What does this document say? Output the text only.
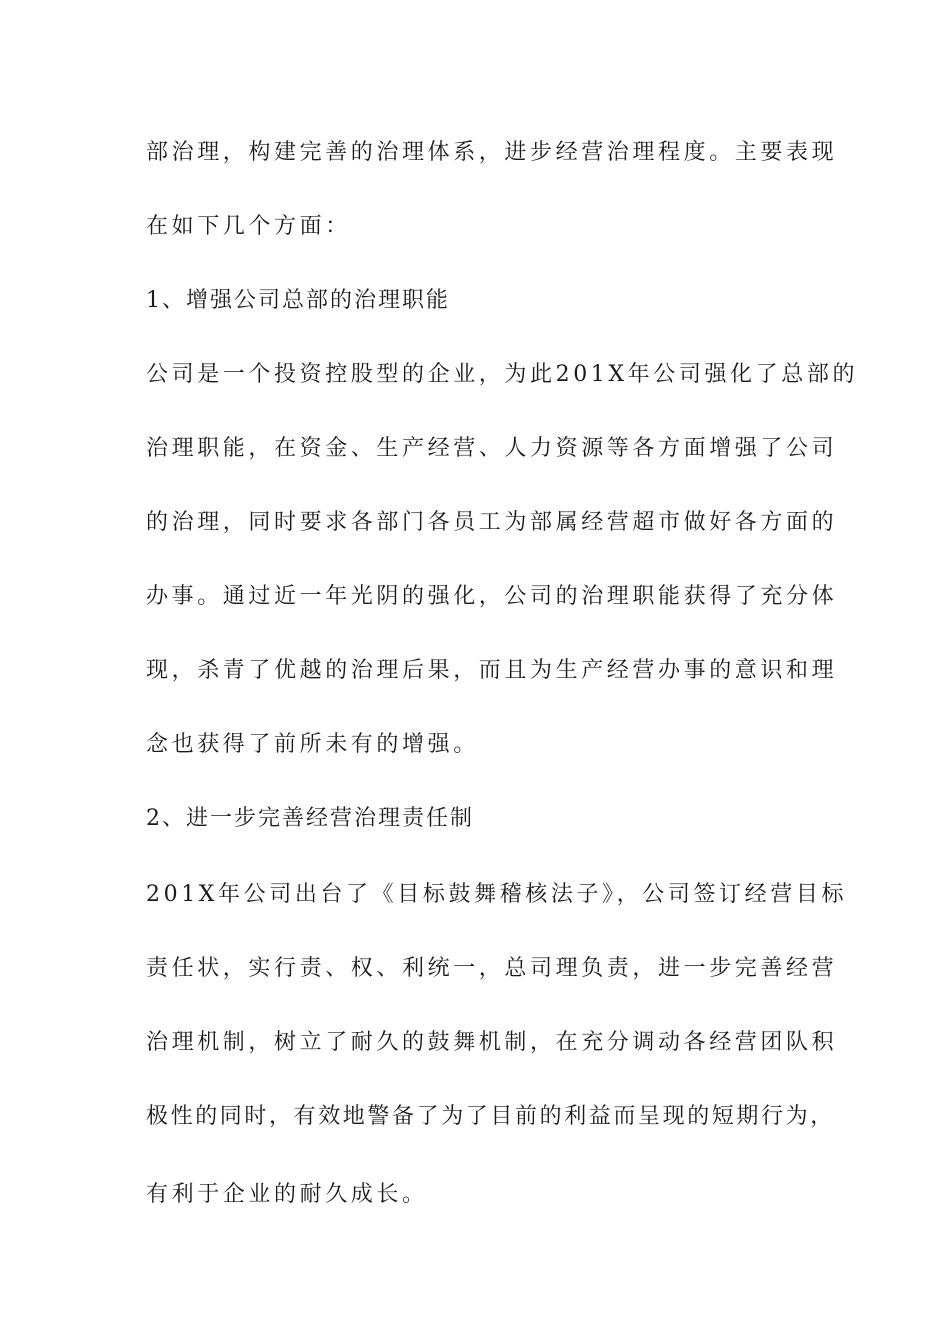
部治理，构建完善的治理体系，进步经营治理程度。主要表现
在如下几个方面：
1、增强公司总部的治理职能
公司是一个投资控股型的企业，为此201X年公司强化了总部的
治理职能，在资金、生产经营、人力资源等各方面增强了公司
的治理，同时要求各部门各员工为部属经营超市做好各方面的
办事。通过近一年光阴的强化，公司的治理职能获得了充分体
现，杀青了优越的治理后果，而且为生产经营办事的意识和理
念也获得了前所未有的增强。
2、进一步完善经营治理责任制
201X年公司出台了《目标鼓舞稽核法子》，公司签订经营目标
责任状，实行责、权、利统一，总司理负责，进一步完善经营
治理机制，树立了耐久的鼓舞机制，在充分调动各经营团队积
极性的同时，有效地警备了为了目前的利益而呈现的短期行为，
有利于企业的耐久成长。
